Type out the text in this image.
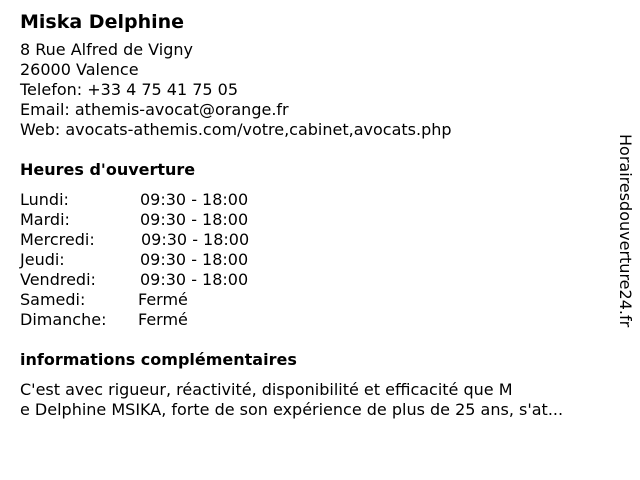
Miska Delphine
8 Rue Alfred de Vigny
26000 Valence
Telefon: +33 4 75 41 75 05
Email: athemis-avocat@orange.fr
Web: avocats-athemis.com/votre,cabinet,avocats.php
Heures d'ouverture
Lundi:	09:30 - 18:00
Mardi:	09:30 - 18:00
Mercredi:	09:30 - 18:00
Jeudi:	09:30 - 18:00
Vendredi:	09:30 - 18:00
Samedi:	Fermé
Dimanche:	Fermé
informations complémentaires
C'est avec rigueur, réactivité, disponibilité et efficacité que M
e Delphine MSIKA, forte de son expérience de plus de 25 ans, s'at...
Horairesdouverture24.fr
